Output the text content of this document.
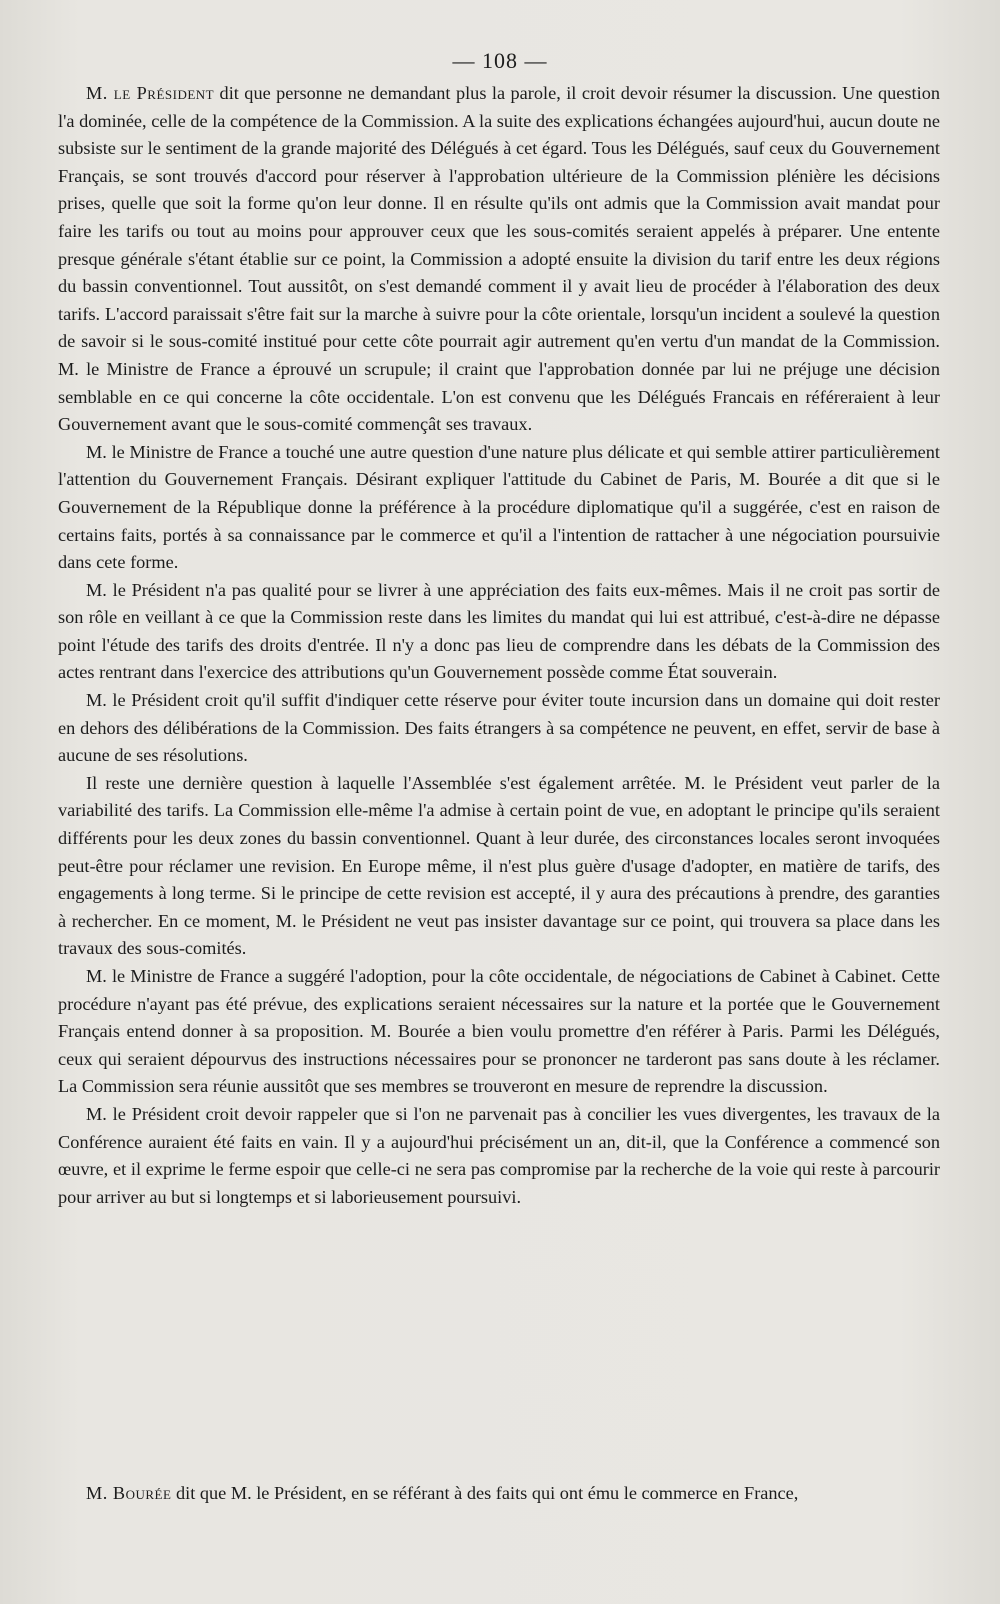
— 108 —

M. le Président dit que personne ne demandant plus la parole, il croit devoir résumer la discussion. Une question l'a dominée, celle de la compétence de la Commission. A la suite des explications échangées aujourd'hui, aucun doute ne subsiste sur le sentiment de la grande majorité des Délégués à cet égard. Tous les Délégués, sauf ceux du Gouvernement Français, se sont trouvés d'accord pour réserver à l'approbation ultérieure de la Commission plénière les décisions prises, quelle que soit la forme qu'on leur donne. Il en résulte qu'ils ont admis que la Commission avait mandat pour faire les tarifs ou tout au moins pour approuver ceux que les sous-comités seraient appelés à préparer. Une entente presque générale s'étant établie sur ce point, la Commission a adopté ensuite la division du tarif entre les deux régions du bassin conventionnel. Tout aussitôt, on s'est demandé comment il y avait lieu de procéder à l'élaboration des deux tarifs. L'accord paraissait s'être fait sur la marche à suivre pour la côte orientale, lorsqu'un incident a soulevé la question de savoir si le sous-comité institué pour cette côte pourrait agir autrement qu'en vertu d'un mandat de la Commission. M. le Ministre de France a éprouvé un scrupule; il craint que l'approbation donnée par lui ne préjuge une décision semblable en ce qui concerne la côte occidentale. L'on est convenu que les Délégués Francais en référeraient à leur Gouvernement avant que le sous-comité commençât ses travaux.

M. le Ministre de France a touché une autre question d'une nature plus délicate et qui semble attirer particulièrement l'attention du Gouvernement Français. Désirant expliquer l'attitude du Cabinet de Paris, M. Bourée a dit que si le Gouvernement de la République donne la préférence à la procédure diplomatique qu'il a suggérée, c'est en raison de certains faits, portés à sa connaissance par le commerce et qu'il a l'intention de rattacher à une négociation poursuivie dans cete forme.

M. le Président n'a pas qualité pour se livrer à une appréciation des faits eux-mêmes. Mais il ne croit pas sortir de son rôle en veillant à ce que la Commission reste dans les limites du mandat qui lui est attribué, c'est-à-dire ne dépasse point l'étude des tarifs des droits d'entrée. Il n'y a donc pas lieu de comprendre dans les débats de la Commission des actes rentrant dans l'exercice des attributions qu'un Gouvernement possède comme État souverain.

M. le Président croit qu'il suffit d'indiquer cette réserve pour éviter toute incursion dans un domaine qui doit rester en dehors des délibérations de la Commission. Des faits étrangers à sa compétence ne peuvent, en effet, servir de base à aucune de ses résolutions.

Il reste une dernière question à laquelle l'Assemblée s'est également arrêtée. M. le Président veut parler de la variabilité des tarifs. La Commission elle-même l'a admise à certain point de vue, en adoptant le principe qu'ils seraient différents pour les deux zones du bassin conventionnel. Quant à leur durée, des circonstances locales seront invoquées peut-être pour réclamer une revision. En Europe même, il n'est plus guère d'usage d'adopter, en matière de tarifs, des engagements à long terme. Si le principe de cette revision est accepté, il y aura des précautions à prendre, des garanties à rechercher. En ce moment, M. le Président ne veut pas insister davantage sur ce point, qui trouvera sa place dans les travaux des sous-comités.

M. le Ministre de France a suggéré l'adoption, pour la côte occidentale, de négociations de Cabinet à Cabinet. Cette procédure n'ayant pas été prévue, des explications seraient nécessaires sur la nature et la portée que le Gouvernement Français entend donner à sa proposition. M. Bourée a bien voulu promettre d'en référer à Paris. Parmi les Délégués, ceux qui seraient dépourvus des instructions nécessaires pour se prononcer ne tarderont pas sans doute à les réclamer. La Commission sera réunie aussitôt que ses membres se trouveront en mesure de reprendre la discussion.

M. le Président croit devoir rappeler que si l'on ne parvenait pas à concilier les vues divergentes, les travaux de la Conférence auraient été faits en vain. Il y a aujourd'hui précisément un an, dit-il, que la Conférence a commencé son œuvre, et il exprime le ferme espoir que celle-ci ne sera pas compromise par la recherche de la voie qui reste à parcourir pour arriver au but si longtemps et si laborieusement poursuivi.

M. Bourée dit que M. le Président, en se référant à des faits qui ont ému le commerce en France,
